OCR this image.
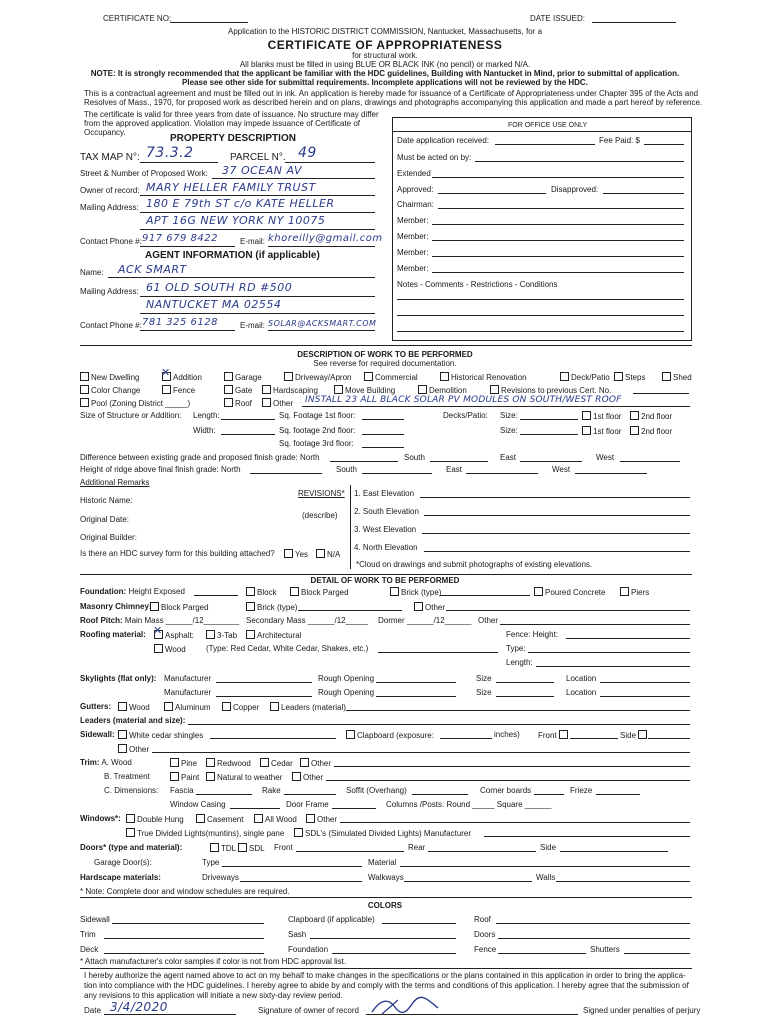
CERTIFICATE NO:	DATE ISSUED:
Application to the HISTORIC DISTRICT COMMISSION, Nantucket, Massachusetts, for a
CERTIFICATE OF APPROPRIATENESS
for structural work.
All blanks must be filled in using BLUE OR BLACK INK (no pencil) or marked N/A.
NOTE: It is strongly recommended that the applicant be familiar with the HDC guidelines, Building with Nantucket in Mind, prior to submittal of application.
Please see other side for submittal requirements. Incomplete applications will not be reviewed by the HDC.
This is a contractual agreement and must be filled out in ink. An application is hereby made for issuance of a Certificate of Appropriateness under Chapter 395 of the Acts and
Resolves of Mass., 1970, for proposed work as described herein and on plans, drawings and photographs accompanying this application and made a part hereof by reference.
The certificate is valid for three years from date of issuance. No structure may differ
from the approved application. Violation may impede issuance of Certificate of
Occupancy.
PROPERTY DESCRIPTION
TAX MAP N°: 73.3.2	PARCEL N°. 49
Street & Number of Proposed Work: 37 OCEAN AV
Owner of record: MARY HELLER FAMILY TRUST
Mailing Address: 180 E 79th ST c/o KATE HELLER
APT 16G NEW YORK NY 10075
Contact Phone #: 917 679 8422	E-mail: khoreilly@gmail.com
AGENT INFORMATION (if applicable)
Name: ACK SMART
Mailing Address: 61 OLD SOUTH RD #500
NANTUCKET MA 02554
Contact Phone #: 781 325 6128	E-mail: SOLAR@ACKSMART.COM
FOR OFFICE USE ONLY
Date application received:	Fee Paid: $
Must be acted on by:
Extended
Approved:	Disapproved:
Chairman:
Member:
Member:
Member:
Member:
Notes - Comments - Restrictions - Conditions
DESCRIPTION OF WORK TO BE PERFORMED
See reverse for required documentation.
New Dwelling ✕	Addition	Garage	Driveway/Apron	Commercial	Historical Renovation	Deck/Patio	Steps	Shed
Color Change	Fence	Gate	Hardscaping	Move Building	Demolition	Revisions to previous Cert. No.
Pool (Zoning District _____)	Roof	Other INSTALL 23 ALL BLACK SOLAR PV MODULES ON SOUTH/WEST ROOF
Size of Structure or Addition: Length:	Sq. Footage 1st floor:	Decks/Patio: Size:	1st floor	2nd floor
Width:	Sq. footage 2nd floor:	Size:	1st floor	2nd floor
Sq. footage 3rd floor:
Difference between existing grade and proposed finish grade: North	South	East	West
Height of ridge above final finish grade: North	South	East	West
Additional Remarks
REVISIONS*
(describe)
1. East Elevation
2. South Elevation
3. West Elevation
4. North Elevation
Historic Name:
Original Date:
Original Builder:
Is there an HDC survey form for this building attached?	Yes	N/A
*Cloud on drawings and submit photographs of existing elevations.
DETAIL OF WORK TO BE PERFORMED
Foundation: Height Exposed	Block	Block Parged	Brick (type)	Poured Concrete	Piers
Masonry Chimney:	Block Parged	Brick (type)	Other
Roof Pitch: Main Mass ______/12________ Secondary Mass ______/12_____ Dormer ______/12______ Other
Roofing material: ✕	Asphalt:	3-Tab	Architectural
Wood	(Type: Red Cedar, White Cedar, Shakes, etc.)
Fence: Height:
Type:
Length:
Skylights (flat only): Manufacturer	Rough Opening	Size	Location
Manufacturer	Rough Opening	Size	Location
Gutters:	Wood	Aluminum	Copper	Leaders (material)
Leaders (material and size):
Sidewall:	White cedar shingles	Clapboard (exposure:	inches) Front	Side
Other
Trim: A. Wood	Pine	Redwood	Cedar	Other
B. Treatment	Paint	Natural to weather	Other
C. Dimensions: Fascia	Rake	Soffit (Overhang)	Corner boards	Frieze
Window Casing	Door Frame	Columns /Posts: Round _____ Square ______
Windows*:	Double Hung	Casement	All Wood	Other
True Divided Lights(muntins), single pane	SDL's (Simulated Divided Lights) Manufacturer
Doors* (type and material):	TDL	SDL Front	Rear	Side
Garage Door(s):	Type	Material
Hardscape materials:	Driveways	Walkways	Walls
* Note: Complete door and window schedules are required.
COLORS
Sidewall	Clapboard (if applicable)	Roof
Trim	Sash	Doors
Deck	Foundation	Fence	Shutters
* Attach manufacturer's color samples if color is not from HDC approval list.
I hereby authorize the agent named above to act on my behalf to make changes in the specifications or the plans contained in this application in order to bring the applica-
tion into compliance with the HDC guidelines. I hereby agree to abide by and comply with the terms and conditions of this application. I hereby agree that the submission of
any revisions to this application will initiate a new sixty-day review period.
Date 3/4/2020	Signature of owner of record	Signed under penalties of perjury
